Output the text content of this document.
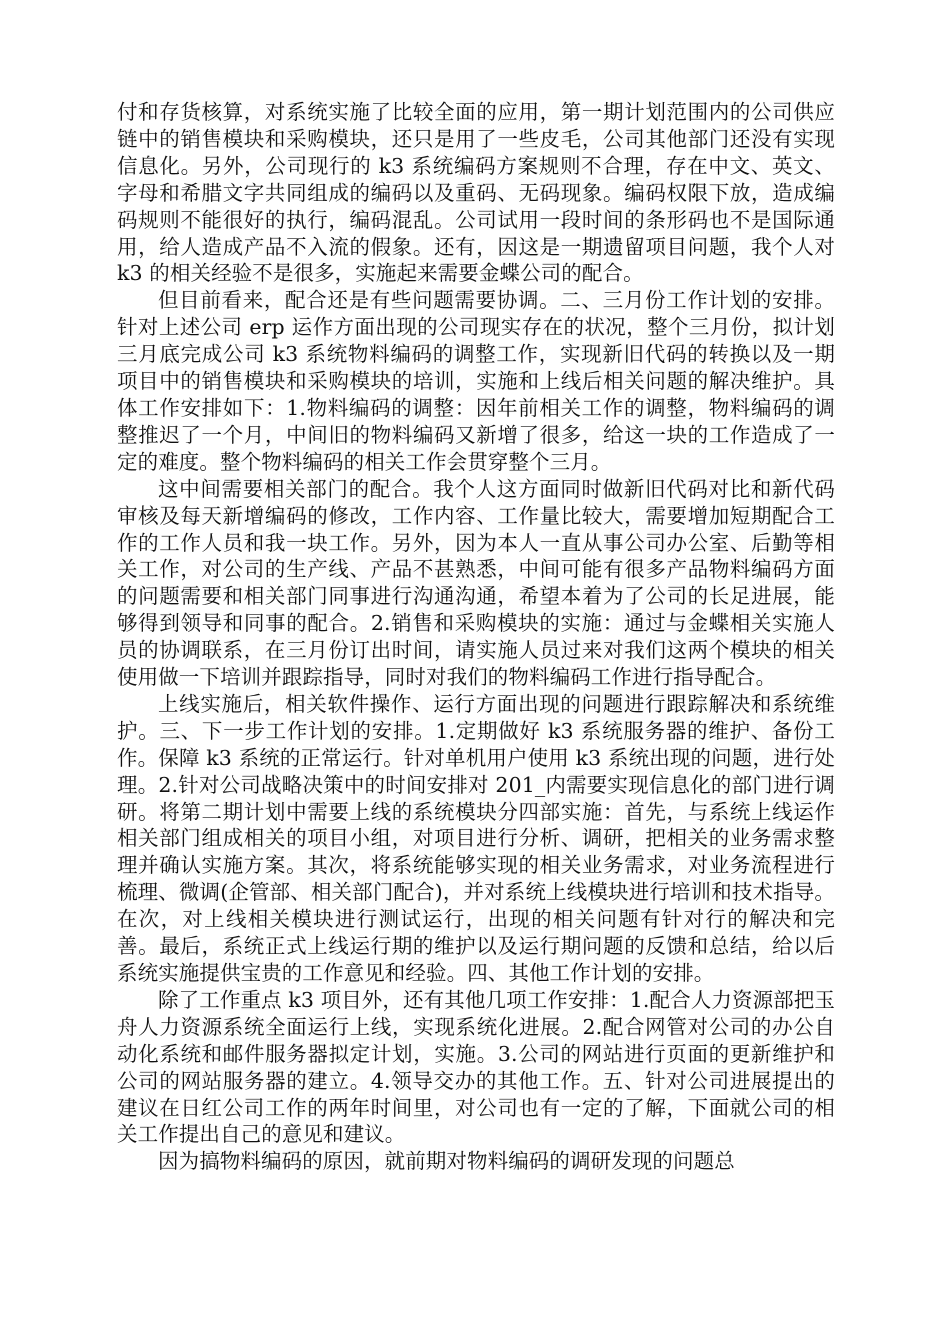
付和存货核算，对系统实施了比较全面的应用，第一期计划范围内的公司供应链中的销售模块和采购模块，还只是用了一些皮毛，公司其他部门还没有实现信息化。另外，公司现行的 k3 系统编码方案规则不合理，存在中文、英文、字母和希腊文字共同组成的编码以及重码、无码现象。编码权限下放，造成编码规则不能很好的执行，编码混乱。公司试用一段时间的条形码也不是国际通用，给人造成产品不入流的假象。还有，因这是一期遗留项目问题，我个人对 k3 的相关经验不是很多，实施起来需要金蝶公司的配合。

但目前看来，配合还是有些问题需要协调。二、三月份工作计划的安排。针对上述公司 erp 运作方面出现的公司现实存在的状况，整个三月份，拟计划三月底完成公司 k3 系统物料编码的调整工作，实现新旧代码的转换以及一期项目中的销售模块和采购模块的培训，实施和上线后相关问题的解决维护。具体工作安排如下：1.物料编码的调整：因年前相关工作的调整，物料编码的调整推迟了一个月，中间旧的物料编码又新增了很多，给这一块的工作造成了一定的难度。整个物料编码的相关工作会贯穿整个三月。

这中间需要相关部门的配合。我个人这方面同时做新旧代码对比和新代码审核及每天新增编码的修改，工作内容、工作量比较大，需要增加短期配合工作的工作人员和我一块工作。另外，因为本人一直从事公司办公室、后勤等相关工作，对公司的生产线、产品不甚熟悉，中间可能有很多产品物料编码方面的问题需要和相关部门同事进行沟通沟通，希望本着为了公司的长足进展，能够得到领导和同事的配合。2.销售和采购模块的实施：通过与金蝶相关实施人员的协调联系，在三月份订出时间，请实施人员过来对我们这两个模块的相关使用做一下培训并跟踪指导，同时对我们的物料编码工作进行指导配合。

上线实施后，相关软件操作、运行方面出现的问题进行跟踪解决和系统维护。三、下一步工作计划的安排。1.定期做好 k3 系统服务器的维护、备份工作。保障 k3 系统的正常运行。针对单机用户使用 k3 系统出现的问题，进行处理。2.针对公司战略决策中的时间安排对 201_内需要实现信息化的部门进行调研。将第二期计划中需要上线的系统模块分四部实施：首先，与系统上线运作相关部门组成相关的项目小组，对项目进行分析、调研，把相关的业务需求整理并确认实施方案。其次，将系统能够实现的相关业务需求，对业务流程进行梳理、微调(企管部、相关部门配合)，并对系统上线模块进行培训和技术指导。在次，对上线相关模块进行测试运行，出现的相关问题有针对行的解决和完善。最后，系统正式上线运行期的维护以及运行期问题的反馈和总结，给以后系统实施提供宝贵的工作意见和经验。四、其他工作计划的安排。

除了工作重点 k3 项目外，还有其他几项工作安排：1.配合人力资源部把玉舟人力资源系统全面运行上线，实现系统化进展。2.配合网管对公司的办公自动化系统和邮件服务器拟定计划，实施。3.公司的网站进行页面的更新维护和公司的网站服务器的建立。4.领导交办的其他工作。五、针对公司进展提出的建议在日红公司工作的两年时间里，对公司也有一定的了解，下面就公司的相关工作提出自己的意见和建议。

因为搞物料编码的原因，就前期对物料编码的调研发现的问题总
